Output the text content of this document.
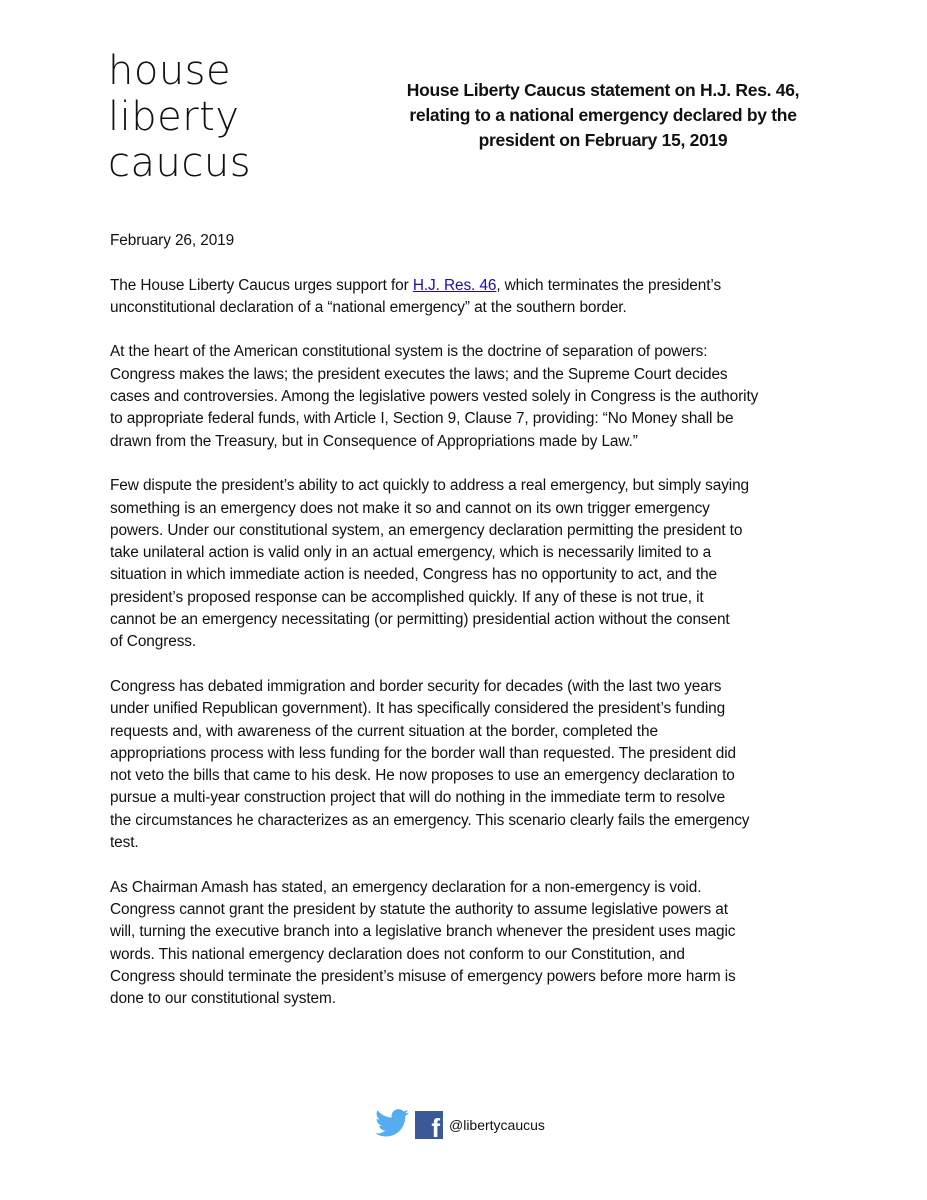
house
liberty
caucus
House Liberty Caucus statement on H.J. Res. 46,
relating to a national emergency declared by the
president on February 15, 2019

February 26, 2019

The House Liberty Caucus urges support for H.J. Res. 46, which terminates the president’s
unconstitutional declaration of a “national emergency” at the southern border.

At the heart of the American constitutional system is the doctrine of separation of powers:
Congress makes the laws; the president executes the laws; and the Supreme Court decides
cases and controversies. Among the legislative powers vested solely in Congress is the authority
to appropriate federal funds, with Article I, Section 9, Clause 7, providing: “No Money shall be
drawn from the Treasury, but in Consequence of Appropriations made by Law.”

Few dispute the president’s ability to act quickly to address a real emergency, but simply saying
something is an emergency does not make it so and cannot on its own trigger emergency
powers. Under our constitutional system, an emergency declaration permitting the president to
take unilateral action is valid only in an actual emergency, which is necessarily limited to a
situation in which immediate action is needed, Congress has no opportunity to act, and the
president’s proposed response can be accomplished quickly. If any of these is not true, it
cannot be an emergency necessitating (or permitting) presidential action without the consent
of Congress.

Congress has debated immigration and border security for decades (with the last two years
under unified Republican government). It has specifically considered the president’s funding
requests and, with awareness of the current situation at the border, completed the
appropriations process with less funding for the border wall than requested. The president did
not veto the bills that came to his desk. He now proposes to use an emergency declaration to
pursue a multi-year construction project that will do nothing in the immediate term to resolve
the circumstances he characterizes as an emergency. This scenario clearly fails the emergency
test.

As Chairman Amash has stated, an emergency declaration for a non-emergency is void.
Congress cannot grant the president by statute the authority to assume legislative powers at
will, turning the executive branch into a legislative branch whenever the president uses magic
words. This national emergency declaration does not conform to our Constitution, and
Congress should terminate the president’s misuse of emergency powers before more harm is
done to our constitutional system.

f @libertycaucus
